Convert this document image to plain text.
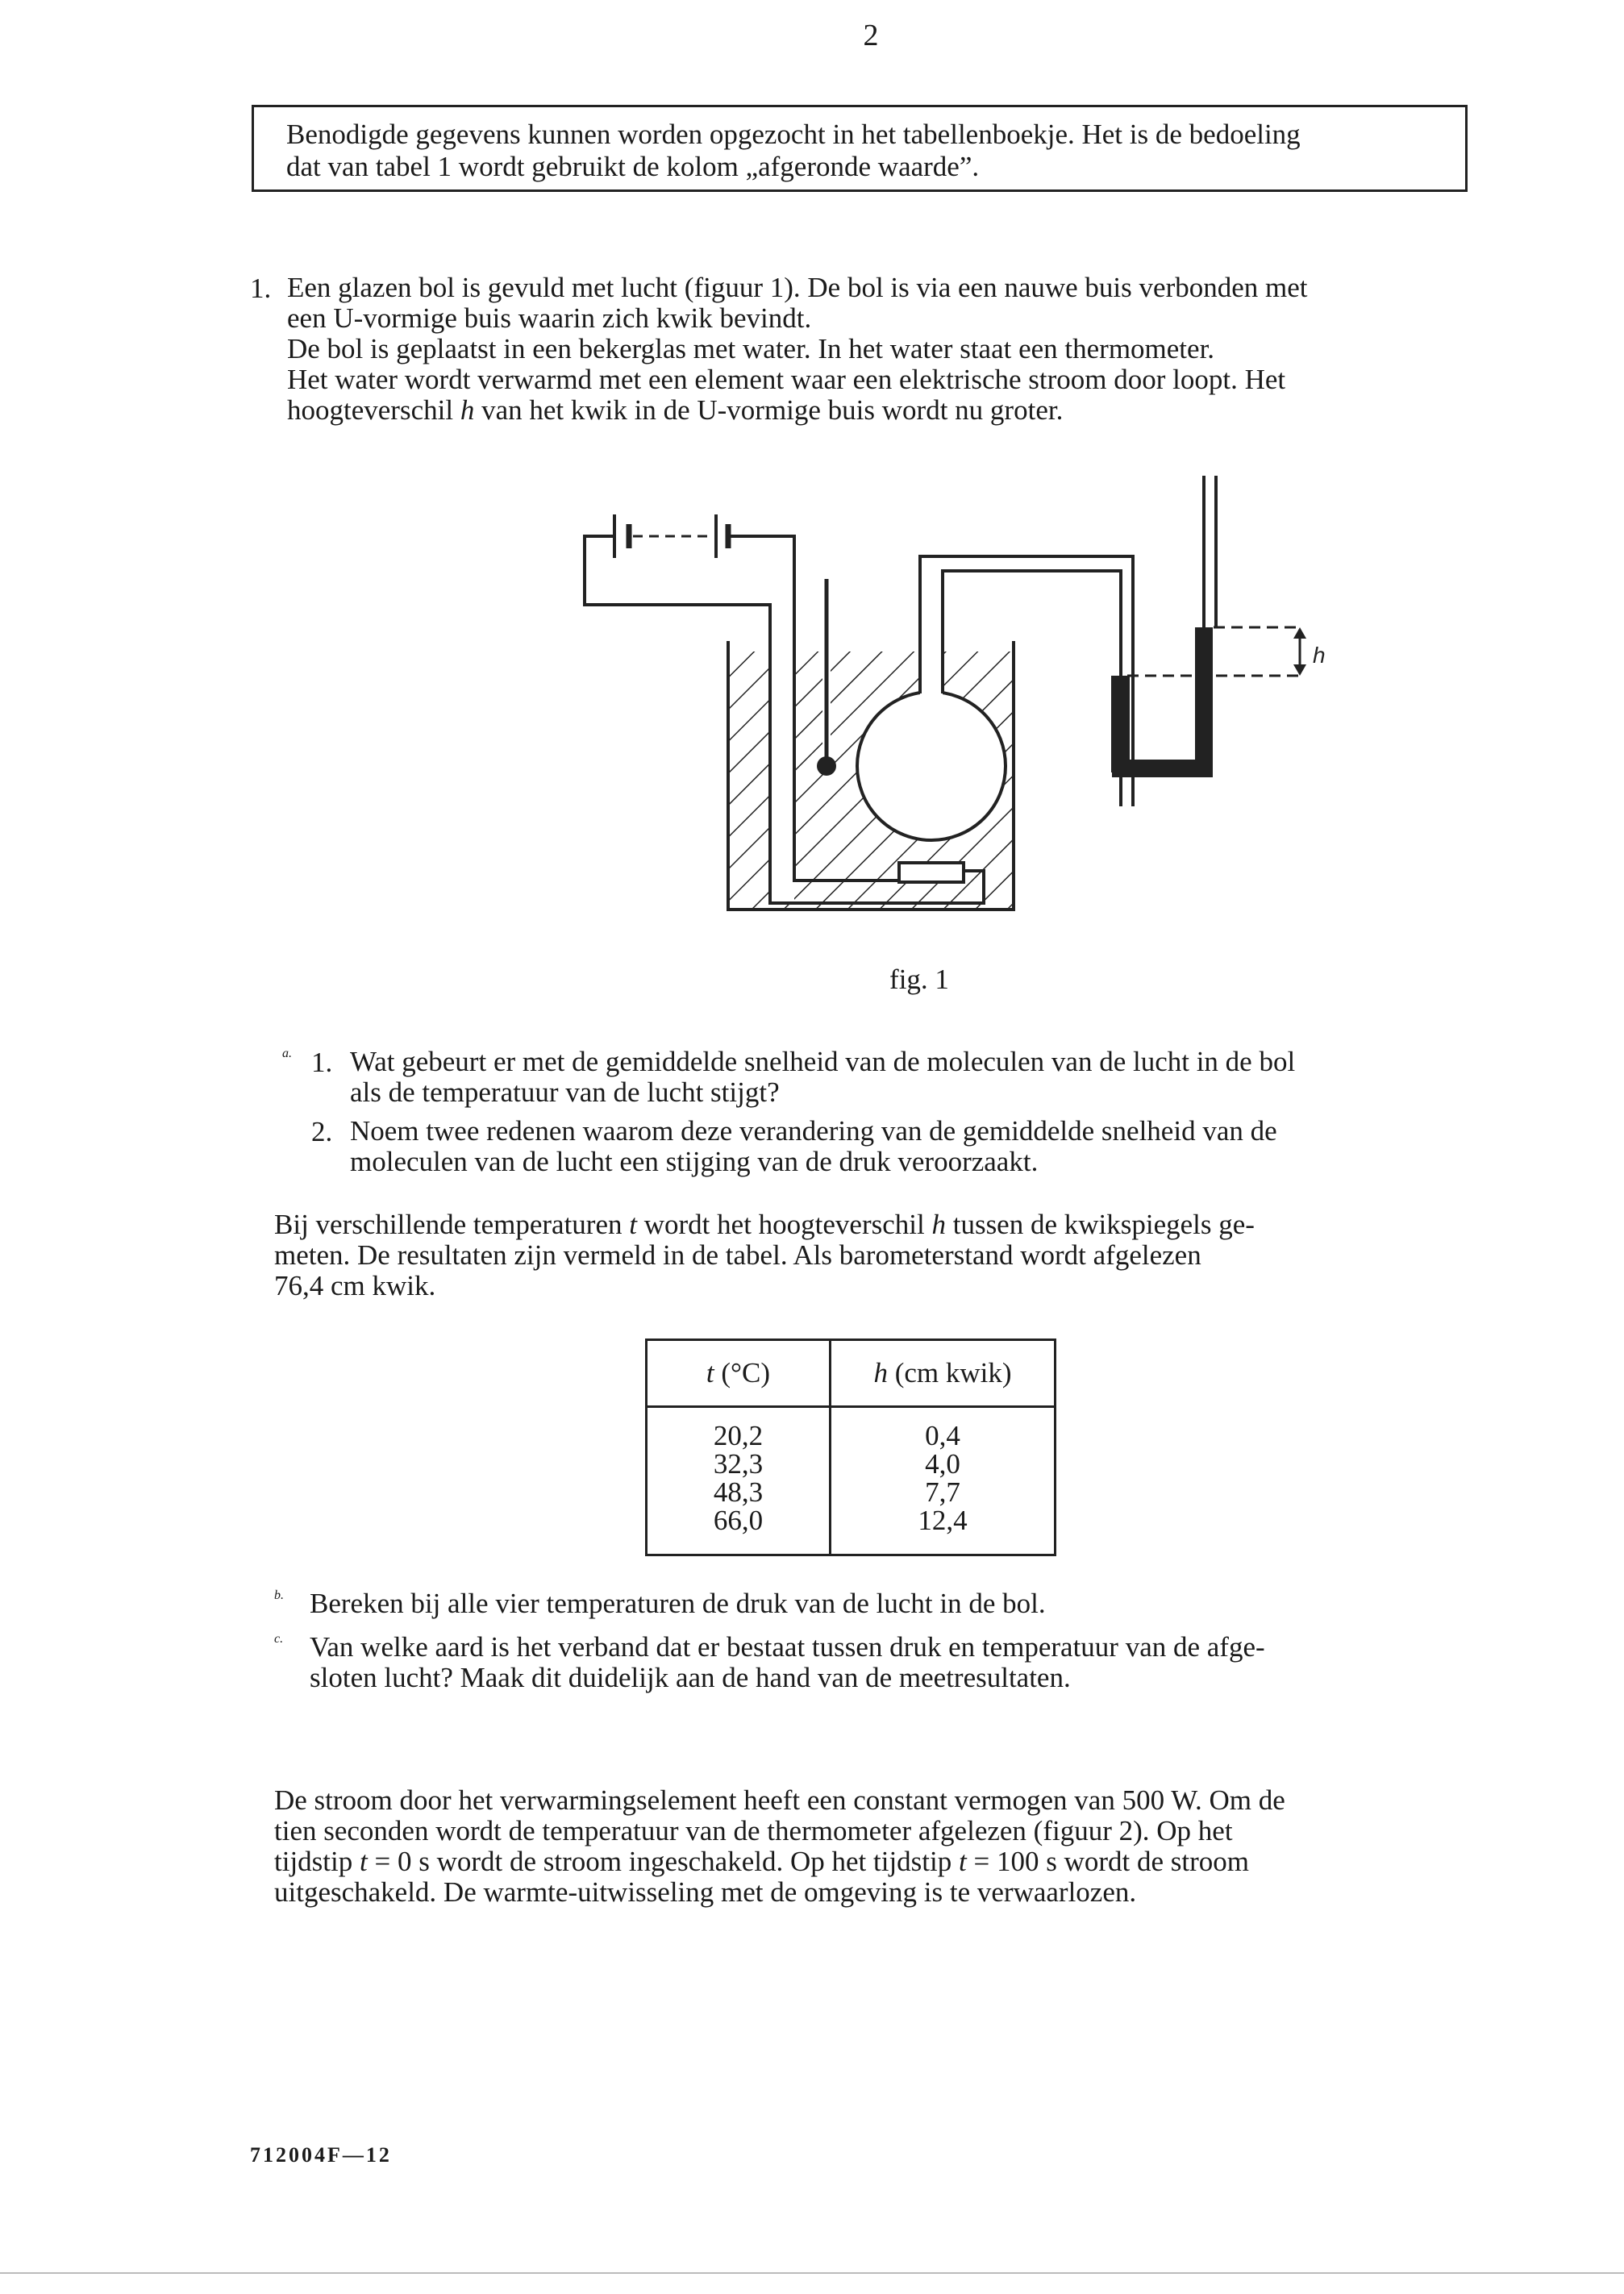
2

Benodigde gegevens kunnen worden opgezocht in het tabellenboekje. Het is de bedoeling

dat van tabel 1 wordt gebruikt de kolom „afgeronde waarde”.

1. Een glazen bol is gevuld met lucht (figuur 1). De bol is via een nauwe buis verbonden met

een U-vormige buis waarin zich kwik bevindt.

De bol is geplaatst in een bekerglas met water. In het water staat een thermometer.

Het water wordt verwarmd met een element waar een elektrische stroom door loopt. Het

hoogteverschil h van het kwik in de U-vormige buis wordt nu groter.

h
fig. 1
a. 1. Wat gebeurt er met de gemiddelde snelheid van de moleculen van de lucht in de bol

als de temperatuur van de lucht stijgt?

2. Noem twee redenen waarom deze verandering van de gemiddelde snelheid van de

moleculen van de lucht een stijging van de druk veroorzaakt.

Bij verschillende temperaturen t wordt het hoogteverschil h tussen de kwikspiegels ge-

meten. De resultaten zijn vermeld in de tabel. Als barometerstand wordt afgelezen

76,4 cm kwik.

t (°C)	h (cm kwik)
20,2
32,3
48,3
66,0
0,4
4,0
7,7
12,4
b. Bereken bij alle vier temperaturen de druk van de lucht in de bol.

c. Van welke aard is het verband dat er bestaat tussen druk en temperatuur van de afge-

sloten lucht? Maak dit duidelijk aan de hand van de meetresultaten.

De stroom door het verwarmingselement heeft een constant vermogen van 500 W. Om de

tien seconden wordt de temperatuur van de thermometer afgelezen (figuur 2). Op het

tijdstip t = 0 s wordt de stroom ingeschakeld. Op het tijdstip t = 100 s wordt de stroom

uitgeschakeld. De warmte-uitwisseling met de omgeving is te verwaarlozen.

712004F—12
